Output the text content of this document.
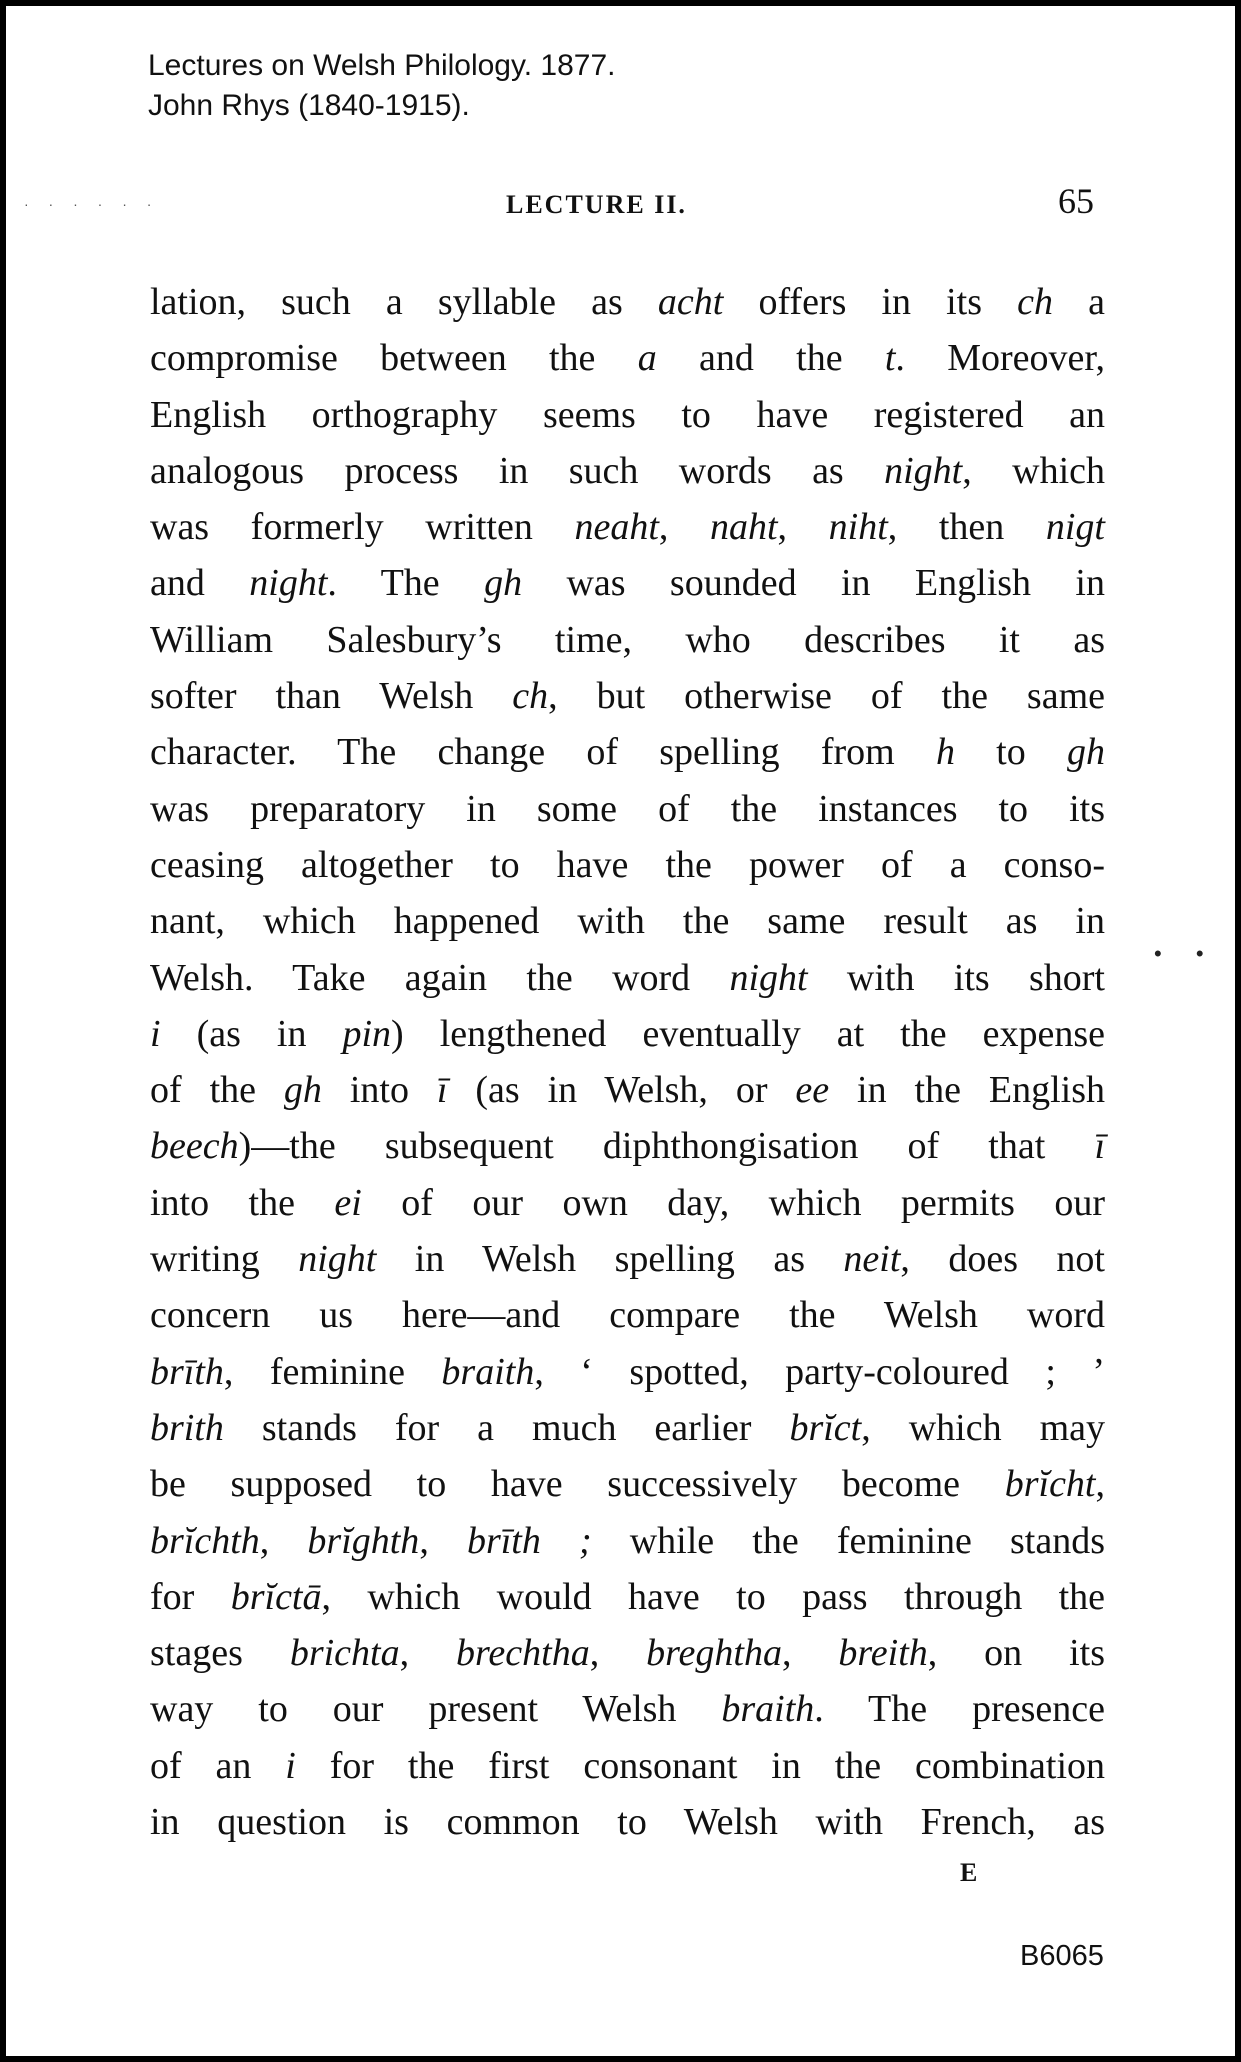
Lectures on Welsh Philology. 1877.
John Rhys (1840-1915).
· · · · · ·
• •
LECTURE II.	65
lation, such a syllable as acht offers in its ch a
compromise between the a and the t. Moreover,
English orthography seems to have registered an
analogous process in such words as night, which
was formerly written neaht, naht, niht, then nigt
and night. The gh was sounded in English in
William Salesbury’s time, who describes it as
softer than Welsh ch, but otherwise of the same
character. The change of spelling from h to gh
was preparatory in some of the instances to its
ceasing altogether to have the power of a conso-
nant, which happened with the same result as in
Welsh. Take again the word night with its short
i (as in pin) lengthened eventually at the expense
of the gh into ī (as in Welsh, or ee in the English
beech)—the subsequent diphthongisation of that ī
into the ei of our own day, which permits our
writing night in Welsh spelling as neit, does not
concern us here—and compare the Welsh word
brīth, feminine braith, ‘ spotted, party-coloured ; ’
brith stands for a much earlier brĭct, which may
be supposed to have successively become brĭcht,
brĭchth, brĭghth, brīth ; while the feminine stands
for brĭctā, which would have to pass through the
stages brichta, brechtha, breghtha, breith, on its
way to our present Welsh braith. The presence
of an i for the first consonant in the combination
in question is common to Welsh with French, as
E
B6065
